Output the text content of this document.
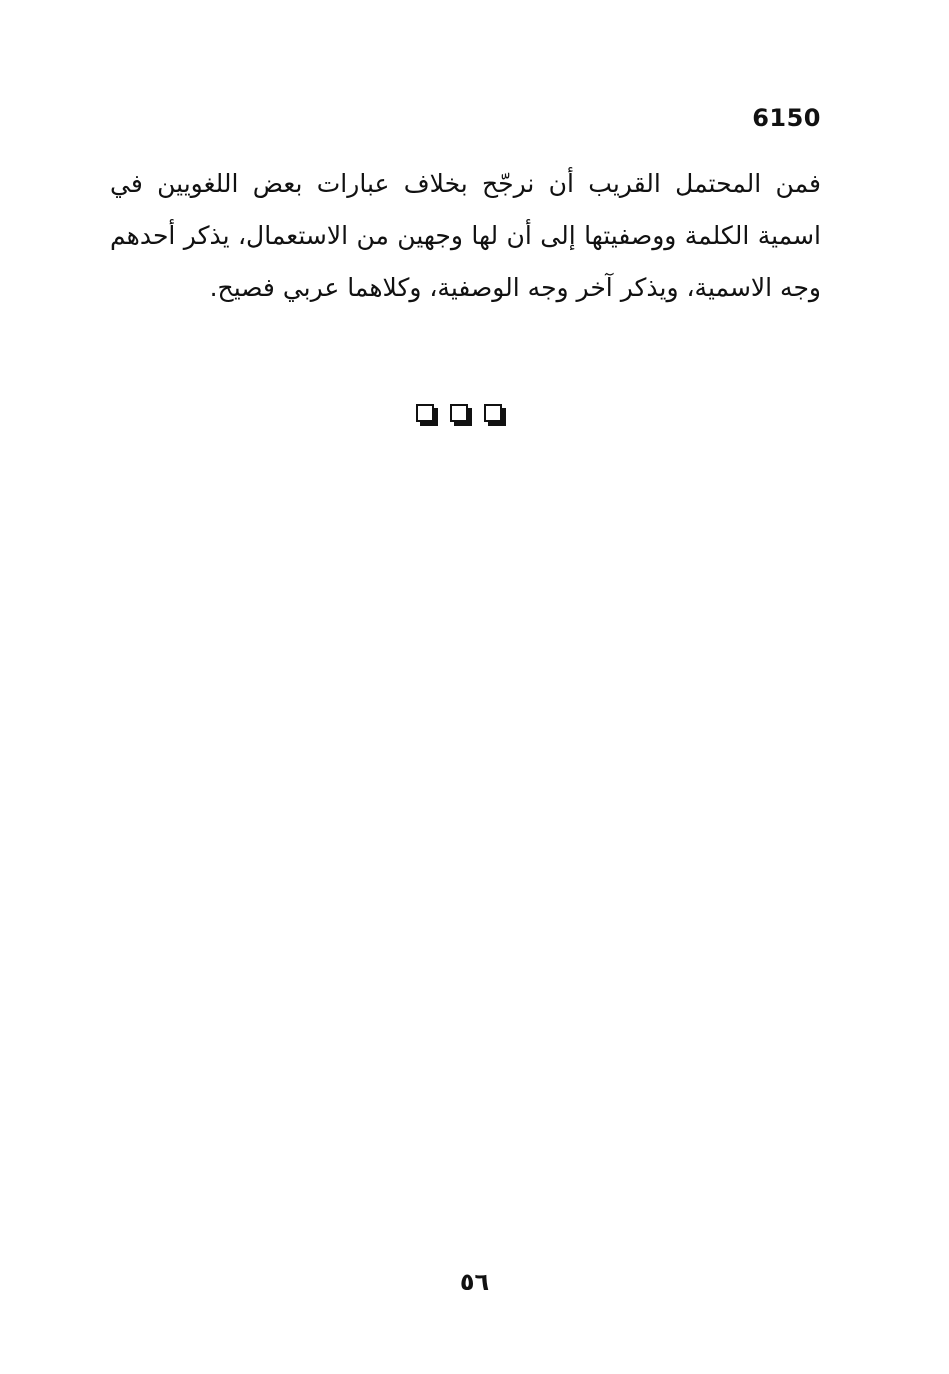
6150

فمن المحتمل القريب أن نرجّح بخلاف عبارات بعض اللغويين في اسمية الكلمة ووصفيتها إلى أن لها وجهين من الاستعمال، يذكر أحدهم وجه الاسمية، ويذكر آخر وجه الوصفية، وكلاهما عربي فصيح.

٥٦
